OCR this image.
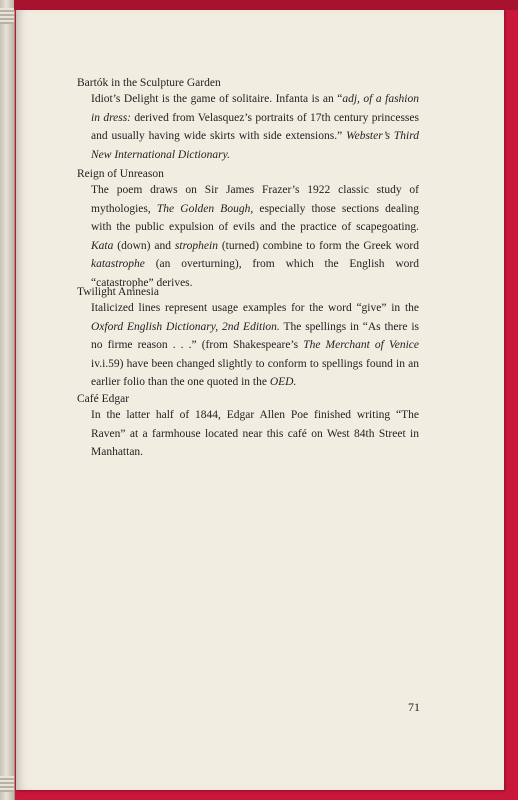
Bartók in the Sculpture Garden
Idiot’s Delight is the game of solitaire. Infanta is an “adj, of a fashion in dress: derived from Velasquez’s portraits of 17th century princesses and usually having wide skirts with side extensions.” Webster’s Third New International Dictionary.
Reign of Unreason
The poem draws on Sir James Frazer’s 1922 classic study of mythologies, The Golden Bough, especially those sections dealing with the public expulsion of evils and the practice of scapegoating. Kata (down) and strophein (turned) combine to form the Greek word katastrophe (an overturning), from which the English word “catastrophe” derives.
Twilight Amnesia
Italicized lines represent usage examples for the word “give” in the Oxford English Dictionary, 2nd Edition. The spellings in “As there is no firme reason . . .” (from Shakespeare’s The Merchant of Venice iv.i.59) have been changed slightly to conform to spellings found in an earlier folio than the one quoted in the OED.
Café Edgar
In the latter half of 1844, Edgar Allen Poe finished writing “The Raven” at a farmhouse located near this café on West 84th Street in Manhattan.
71
